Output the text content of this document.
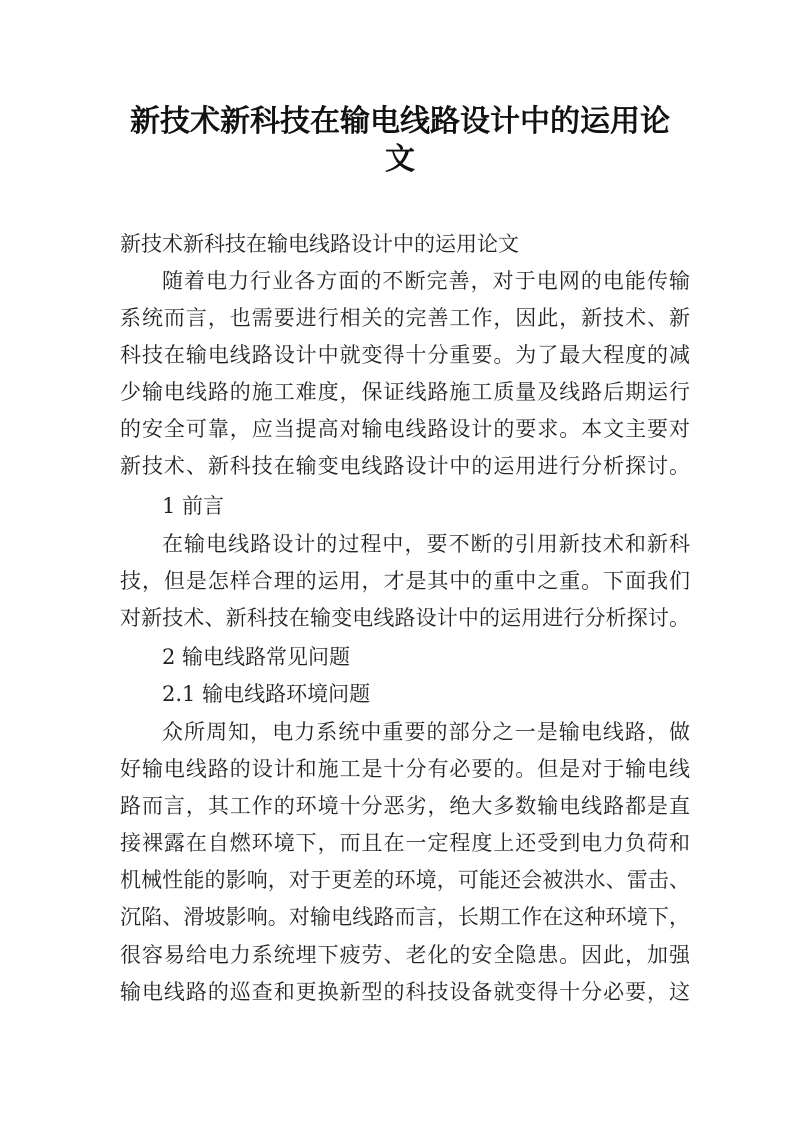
新技术新科技在输电线路设计中的运用论
文

新技术新科技在输电线路设计中的运用论文

随着电力行业各方面的不断完善，对于电网的电能传输

系统而言，也需要进行相关的完善工作，因此，新技术、新

科技在输电线路设计中就变得十分重要。为了最大程度的减

少输电线路的施工难度，保证线路施工质量及线路后期运行

的安全可靠，应当提高对输电线路设计的要求。本文主要对

新技术、新科技在输变电线路设计中的运用进行分析探讨。

1 前言

在输电线路设计的过程中，要不断的引用新技术和新科

技，但是怎样合理的运用，才是其中的重中之重。下面我们

对新技术、新科技在输变电线路设计中的运用进行分析探讨。

2 输电线路常见问题

2.1 输电线路环境问题

众所周知，电力系统中重要的部分之一是输电线路，做

好输电线路的设计和施工是十分有必要的。但是对于输电线

路而言，其工作的环境十分恶劣，绝大多数输电线路都是直

接裸露在自燃环境下，而且在一定程度上还受到电力负荷和

机械性能的影响，对于更差的环境，可能还会被洪水、雷击、

沉陷、滑坡影响。对输电线路而言，长期工作在这种环境下，

很容易给电力系统埋下疲劳、老化的安全隐患。因此，加强

输电线路的巡查和更换新型的科技设备就变得十分必要，这
